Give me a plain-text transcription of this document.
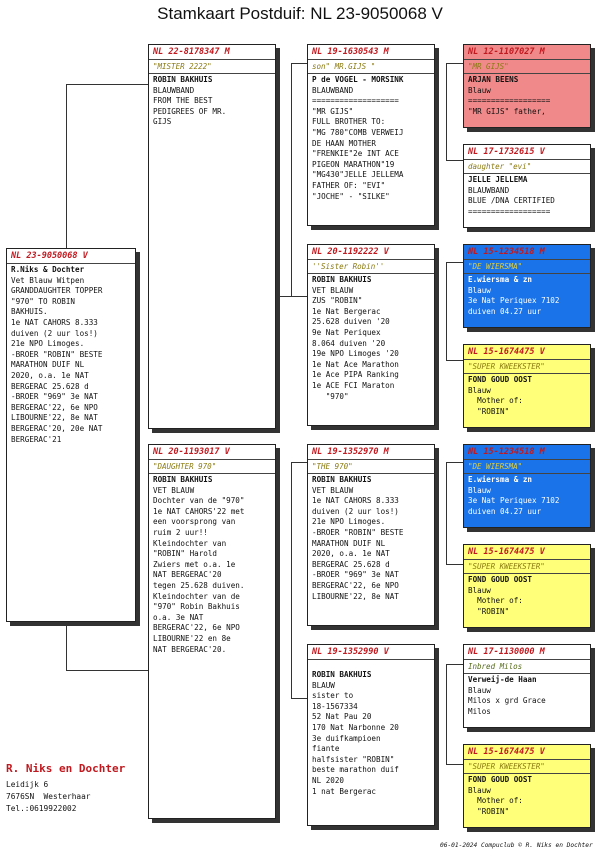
Stamkaart Postduif: NL 23-9050068 V
NL 23-9050068 V
R.Niks & Dochter
Vet Blauw Witpen
GRANDDAUGHTER TOPPER
"970" TO ROBIN
BAKHUIS.
1e NAT CAHORS 8.333
duiven (2 uur los!)
21e NPO Limoges.
-BROER "ROBIN" BESTE
MARATHON DUIF NL
2020, o.a. 1e NAT
BERGERAC 25.628 d
-BROER "969" 3e NAT
BERGERAC'22, 6e NPO
LIBOURNE'22, 8e NAT
BERGERAC'20, 20e NAT
BERGERAC'21
NL 22-8178347 M
"MISTER 2222"
ROBIN BAKHUIS
BLAUWBAND
FROM THE BEST
PEDIGREES OF MR.
GIJS
NL 20-1193017 V
"DAUGHTER 970"
ROBIN BAKHUIS
VET BLAUW
Dochter van de "970"
1e NAT CAHORS'22 met
een voorsprong van
ruim 2 uur!!
Kleindochter van
"ROBIN" Harold
Zwiers met o.a. 1e
NAT BERGERAC'20
tegen 25.628 duiven.
Kleindochter van de
"970" Robin Bakhuis
o.a. 3e NAT
BERGERAC'22, 6e NPO
LIBOURNE'22 en 8e
NAT BERGERAC'20.
NL 19-1630543 M
son" MR.GIJS "
P de VOGEL - MORSINK
BLAUWBAND
===================
"MR GIJS"
FULL BROTHER TO:
"MG 780"COMB VERWEIJ
DE HAAN MOTHER
"FRENKIE"2e INT ACE
PIGEON MARATHON"19
"MG430"JELLE JELLEMA
FATHER OF: "EVI"
"JOCHE" - "SILKE"
NL 20-1192222 V
''Sister Robin''
ROBIN BAKHUIS
VET BLAUW
ZUS "ROBIN"
1e Nat Bergerac
25.628 duiven '20
9e Nat Periquex
8.064 duiven '20
19e NPO Limoges '20
1e Nat Ace Marathon
1e Ace PIPA Ranking
1e ACE FCI Maraton
"970"
NL 19-1352970 M
"THE 970"
ROBIN BAKHUIS
VET BLAUW
1e NAT CAHORS 8.333
duiven (2 uur los!)
21e NPO Limoges.
-BROER "ROBIN" BESTE
MARATHON DUIF NL
2020, o.a. 1e NAT
BERGERAC 25.628 d
-BROER "969" 3e NAT
BERGERAC'22, 6e NPO
LIBOURNE'22, 8e NAT
NL 19-1352990 V
ROBIN BAKHUIS
BLAUW
sister to
18-1567334
52 Nat Pau 20
170 Nat Narbonne 20
3e duifkampioen
fiante
halfsister "ROBIN"
beste marathon duif
NL 2020
1 nat Bergerac
NL 12-1107027 M
"MR GIJS"
ARJAN BEENS
Blauw
==================
"MR GIJS" father,
NL 17-1732615 V
daughter "evi"
JELLE JELLEMA
BLAUWBAND
BLUE /DNA CERTIFIED
==================
NL 15-1234518 M
"DE WIERSMA"
E.wiersma & zn
Blauw
3e Nat Periquex 7102
duiven 04.27 uur
NL 15-1674475 V
"SUPER KWEEKSTER"
FOND GOUD OOST
Blauw
Mother of:
"ROBIN"
NL 15-1234518 M
"DE WIERSMA"
E.wiersma & zn
Blauw
3e Nat Periquex 7102
duiven 04.27 uur
NL 15-1674475 V
"SUPER KWEEKSTER"
FOND GOUD OOST
Blauw
Mother of:
"ROBIN"
NL 17-1130000 M
Inbred Milos
Verweij-de Haan
Blauw
Milos x grd Grace
Milos
NL 15-1674475 V
"SUPER KWEEKSTER"
FOND GOUD OOST
Blauw
Mother of:
"ROBIN"
R. Niks en Dochter
Leidijk 6
7676SN  Westerhaar
Tel.:0619922002
06-01-2024 Compuclub © R. Niks en Dochter
